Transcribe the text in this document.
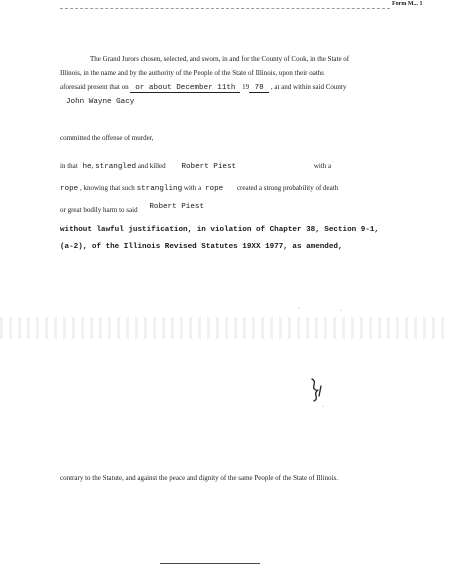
Form M... 1
The Grand Jurors chosen, selected, and sworn, in and for the County of Cook, in the State of
Illinois, in the name and by the authority of the People of the State of Illinois, upon their oaths
aforesaid present that on or about December 11th 19 78 , at and within said County
John Wayne Gacy
committed the offense of murder,
in that he, strangled and killed Robert Piest	with a
rope , knowing that such strangling with a rope created a strong probability of death
or great bodily harm to said Robert Piest
without lawful justification, in violation of Chapter 38, Section 9-1,
(a-2), of the Illinois Revised Statutes 19XX 1977, as amended,
·	·
·
contrary to the Statute, and against the peace and dignity of the same People of the State of Illinois.
